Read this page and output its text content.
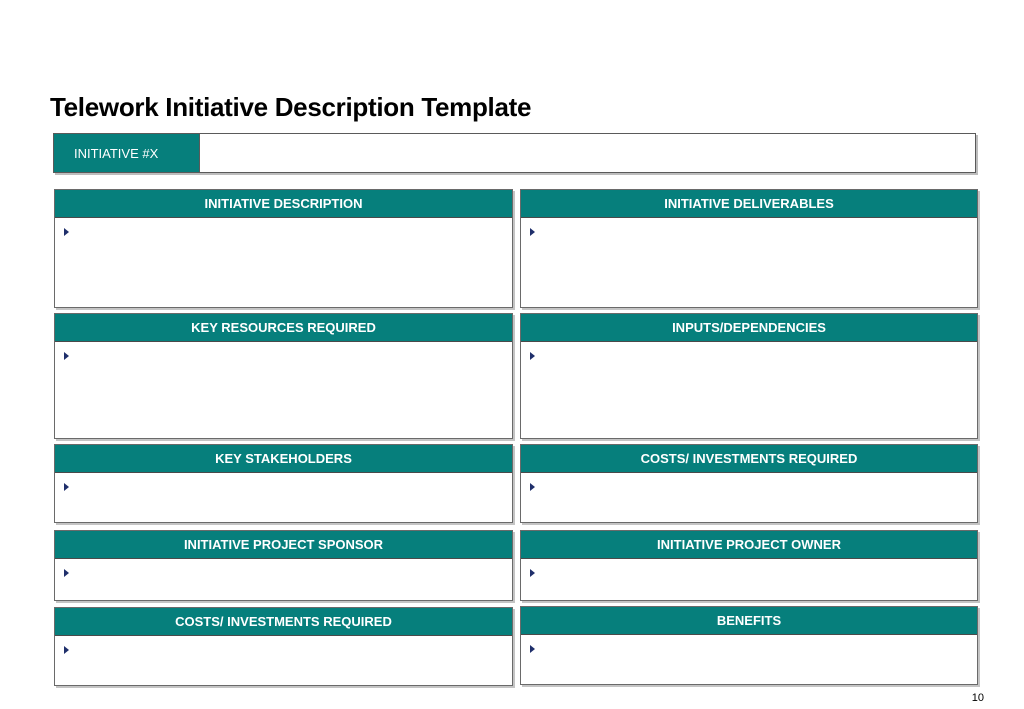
Telework Initiative Description Template
INITIATIVE #X
INITIATIVE DESCRIPTION	INITIATIVE DELIVERABLES
KEY RESOURCES REQUIRED	INPUTS/DEPENDENCIES
KEY STAKEHOLDERS	COSTS/ INVESTMENTS REQUIRED
INITIATIVE PROJECT SPONSOR	INITIATIVE PROJECT OWNER
COSTS/ INVESTMENTS REQUIRED	BENEFITS
10
